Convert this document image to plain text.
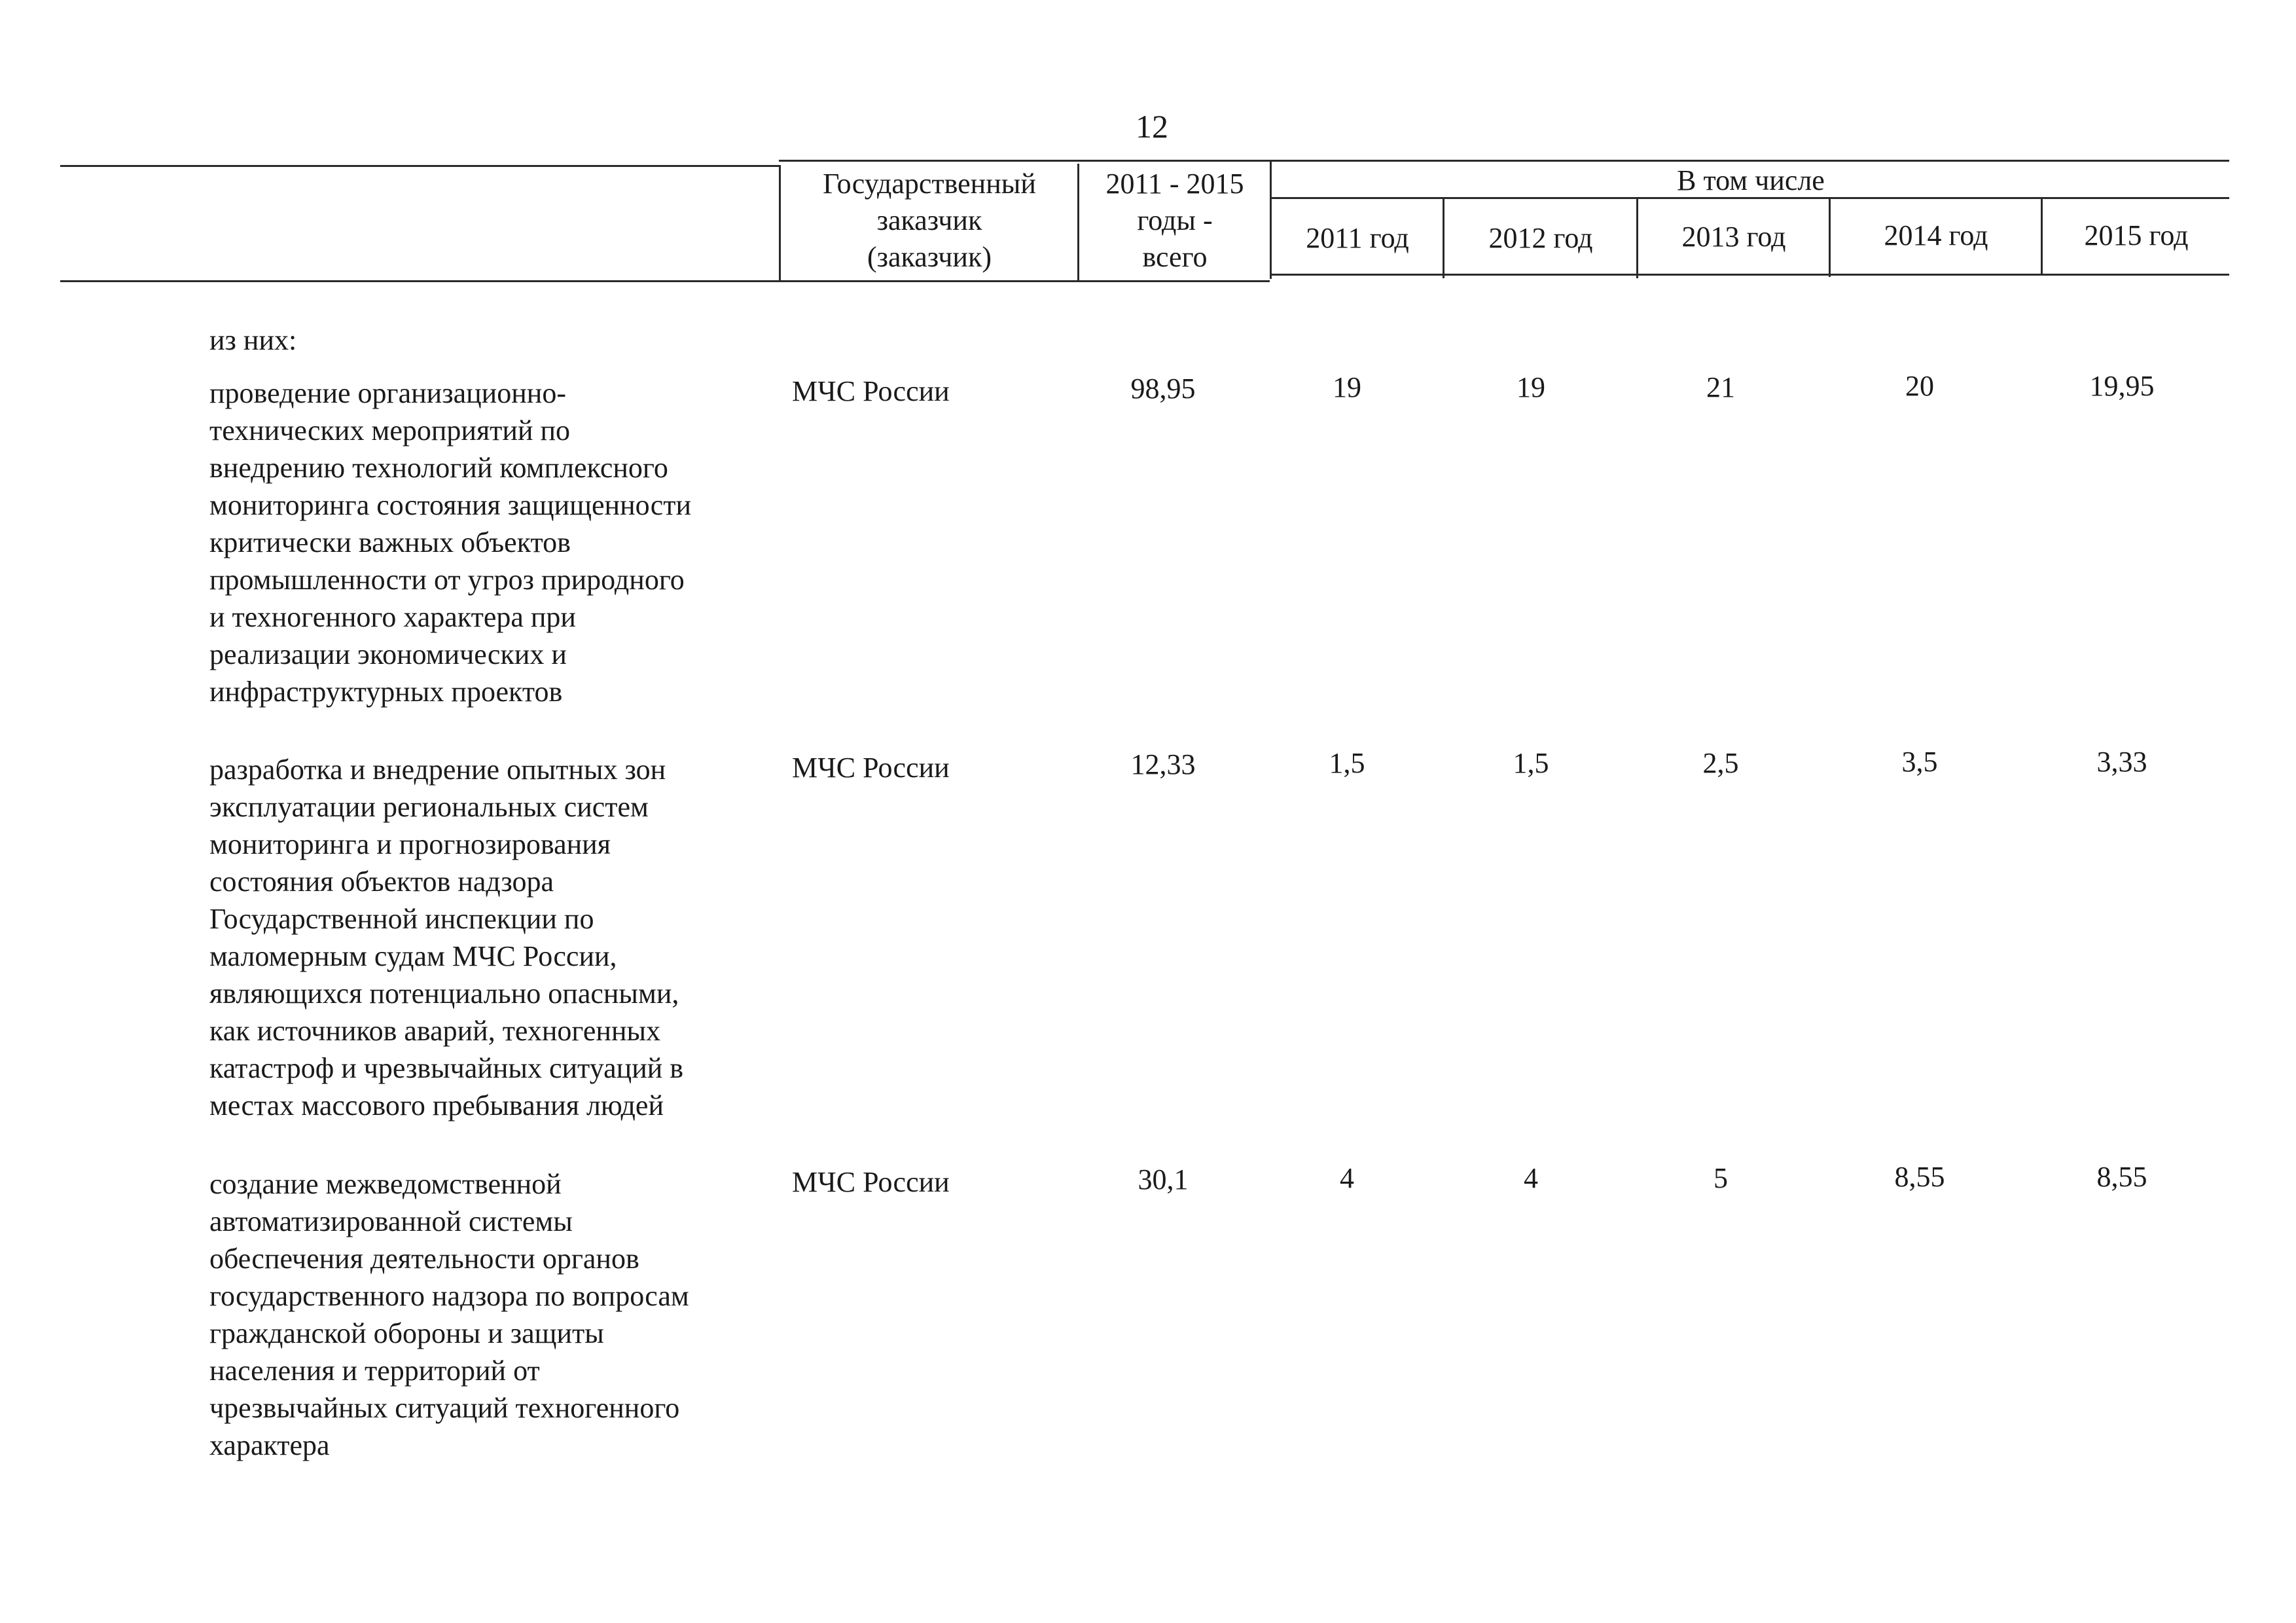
12
Государственный
заказчик
(заказчик)
2011 - 2015
годы -
всего
В том числе
2011 год	2012 год	2013 год	2014 год	2015 год
из них:
проведение организационно-
технических мероприятий по
внедрению технологий комплексного
мониторинга состояния защищенности
критически важных объектов
промышленности от угроз природного
и техногенного характера при
реализации экономических и
инфраструктурных проектов
МЧС России	98,95	19	19	21	20	19,95
разработка и внедрение опытных зон
эксплуатации региональных систем
мониторинга и прогнозирования
состояния объектов надзора
Государственной инспекции по
маломерным судам МЧС России,
являющихся потенциально опасными,
как источников аварий, техногенных
катастроф и чрезвычайных ситуаций в
местах массового пребывания людей
МЧС России	12,33	1,5	1,5	2,5	3,5	3,33
создание межведомственной
автоматизированной системы
обеспечения деятельности органов
государственного надзора по вопросам
гражданской обороны и защиты
населения и территорий от
чрезвычайных ситуаций техногенного
характера
МЧС России	30,1	4	4	5	8,55	8,55
